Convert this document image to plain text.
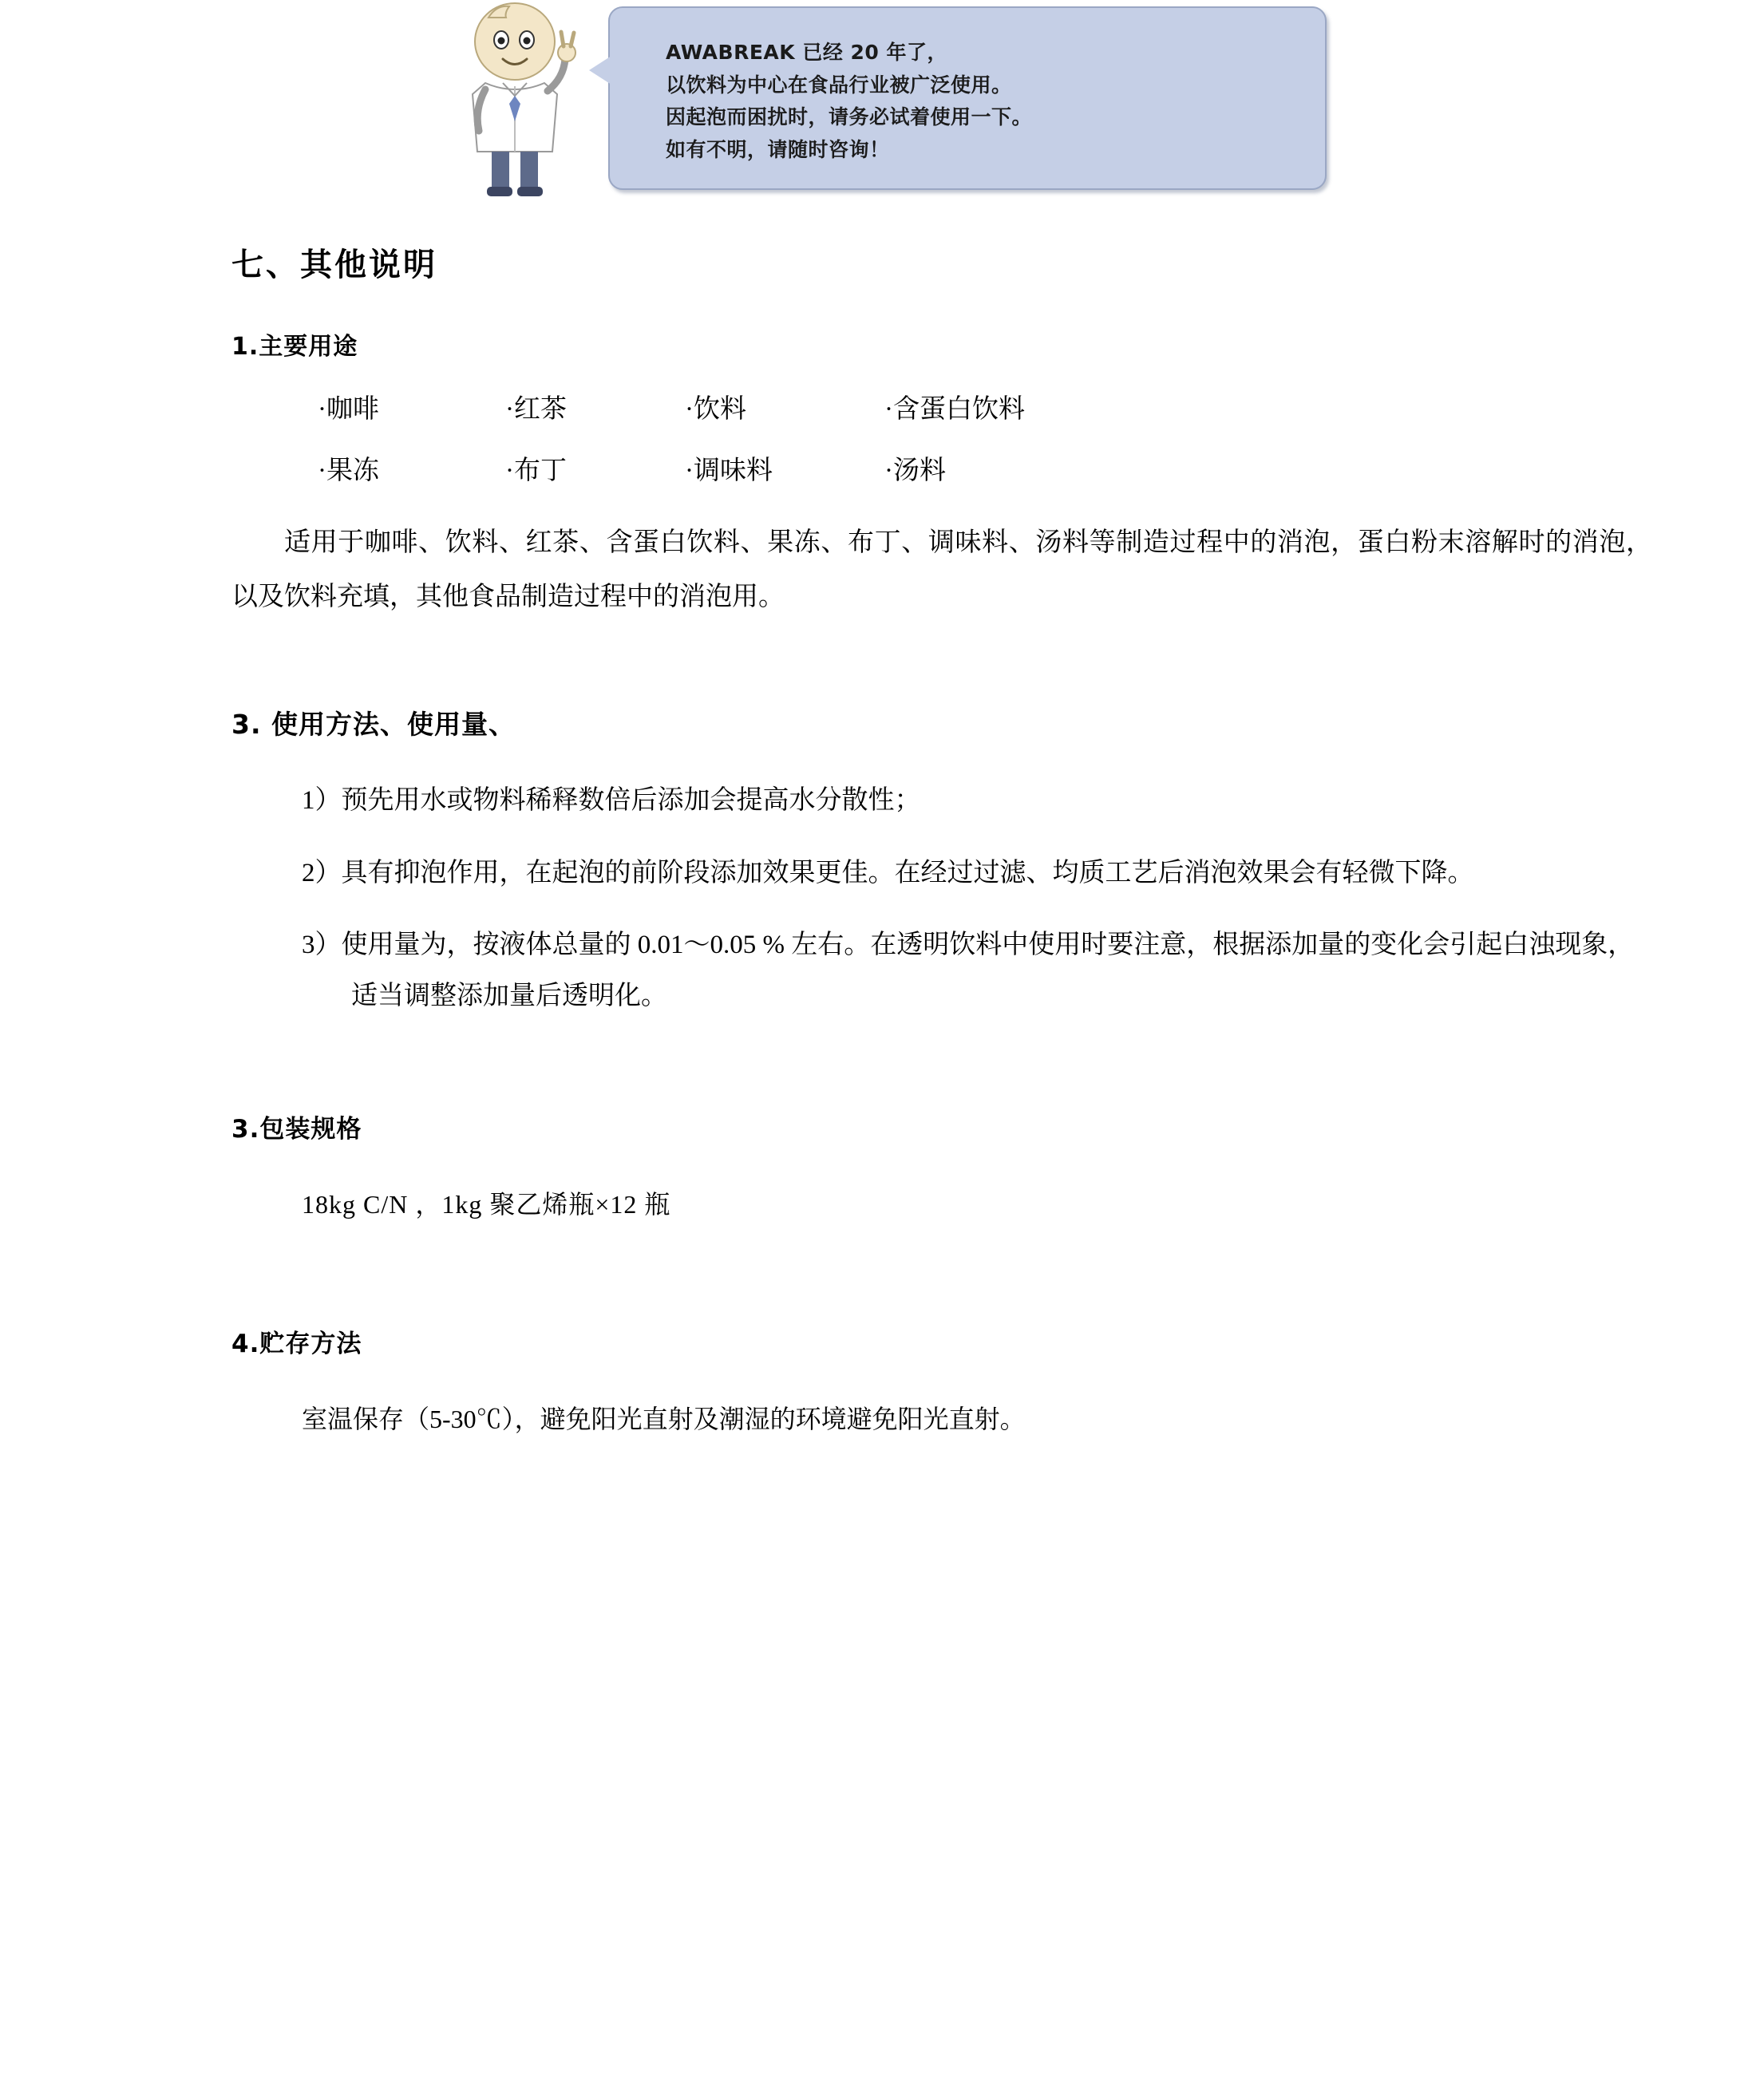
AWABREAK 已经 20 年了，
以饮料为中心在食品行业被广泛使用。
因起泡而困扰时，请务必试着使用一下。
如有不明，请随时咨询！
七、其他说明
1.主要用途
·咖啡	·红茶	·饮料	·含蛋白饮料
·果冻	·布丁	·调味料	·汤料

适用于咖啡、饮料、红茶、含蛋白饮料、果冻、布丁、调味料、汤料等制造过程中的消泡，蛋白粉末溶解时的消泡，以及饮料充填，其他食品制造过程中的消泡用。

3. 使用方法、使用量、
1）预先用水或物料稀释数倍后添加会提高水分散性；
2）具有抑泡作用，在起泡的前阶段添加效果更佳。在经过过滤、均质工艺后消泡效果会有轻微下降。
3）使用量为，按液体总量的 0.01～0.05 % 左右。在透明饮料中使用时要注意，根据添加量的变化会引起白浊现象，适当调整添加量后透明化。
3.包装规格
18kg C/N ，1kg 聚乙烯瓶×12 瓶
4.贮存方法
室温保存（5-30℃），避免阳光直射及潮湿的环境避免阳光直射。
